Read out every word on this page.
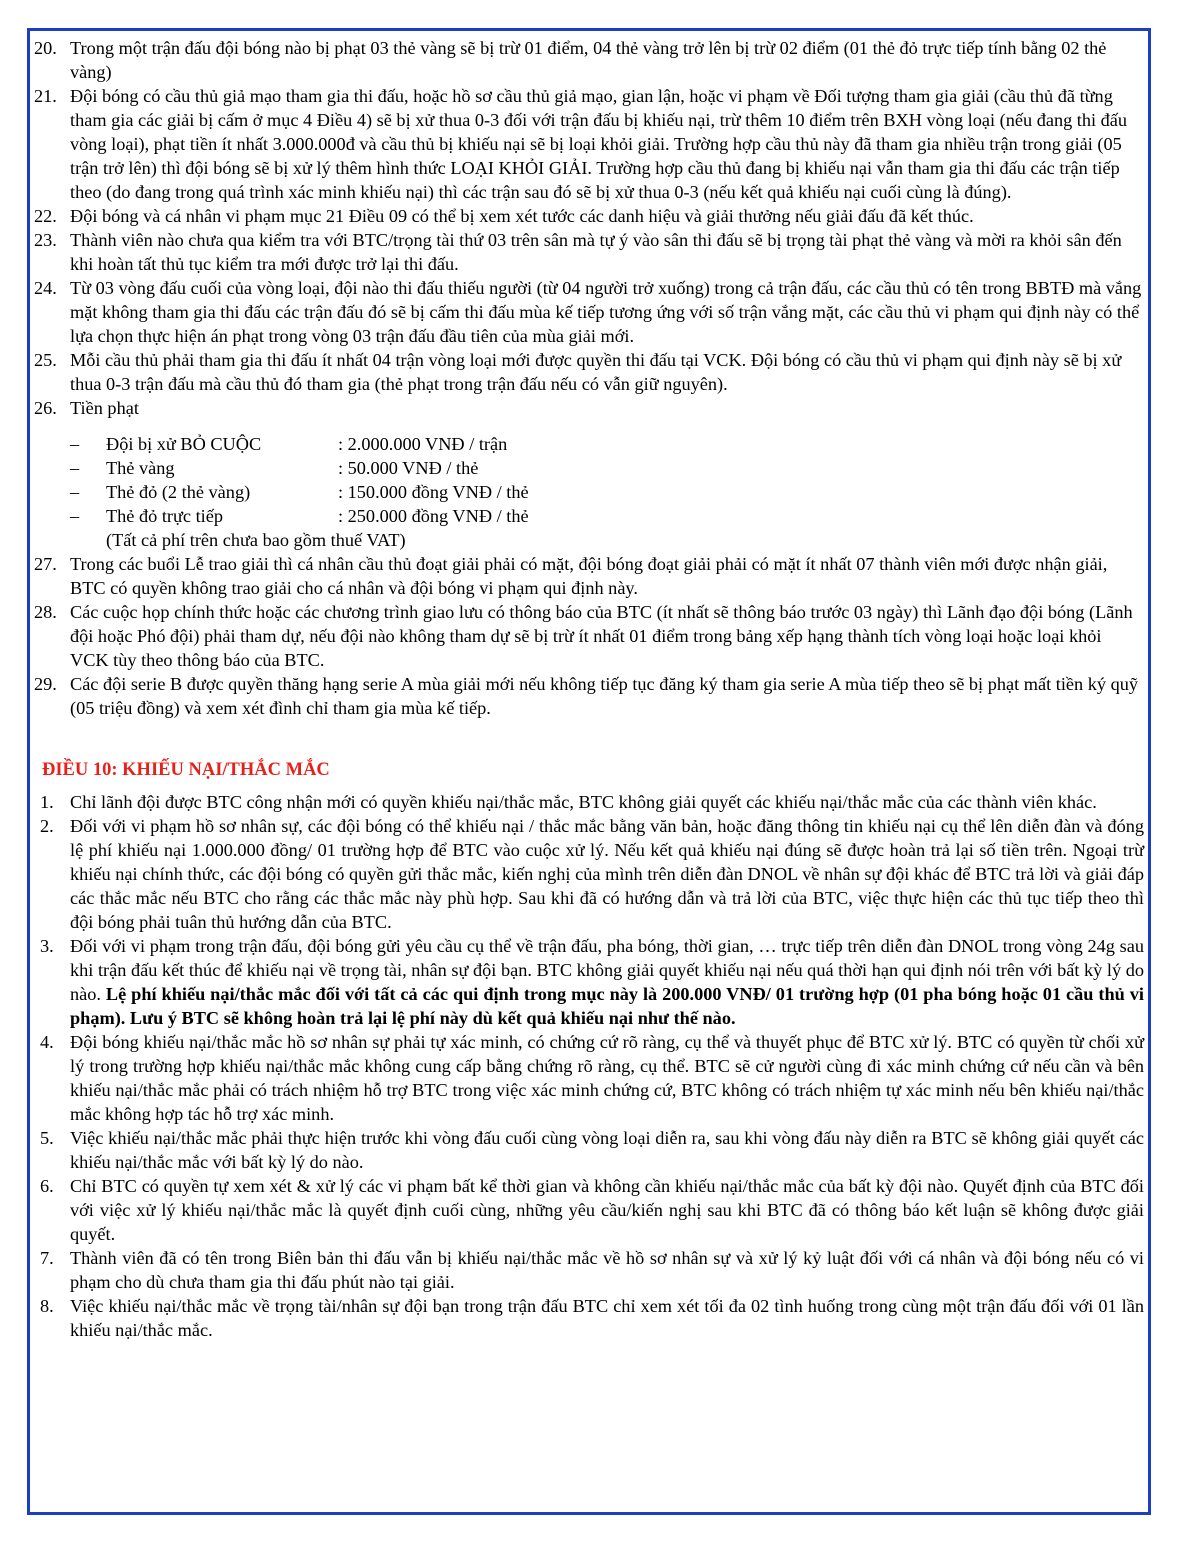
20. Trong một trận đấu đội bóng nào bị phạt 03 thẻ vàng sẽ bị trừ 01 điểm, 04 thẻ vàng trở lên bị trừ 02 điểm (01 thẻ đỏ trực tiếp tính bằng 02 thẻ vàng)
21. Đội bóng có cầu thủ giả mạo tham gia thi đấu, hoặc hồ sơ cầu thủ giả mạo, gian lận, hoặc vi phạm về Đối tượng tham gia giải (cầu thủ đã từng tham gia các giải bị cấm ở mục 4 Điều 4) sẽ bị xử thua 0-3 đối với trận đấu bị khiếu nại, trừ thêm 10 điểm trên BXH vòng loại (nếu đang thi đấu vòng loại), phạt tiền ít nhất 3.000.000đ và cầu thủ bị khiếu nại sẽ bị loại khỏi giải. Trường hợp cầu thủ này đã tham gia nhiều trận trong giải (05 trận trở lên) thì đội bóng sẽ bị xử lý thêm hình thức LOẠI KHỎI GIẢI. Trường hợp cầu thủ đang bị khiếu nại vẫn tham gia thi đấu các trận tiếp theo (do đang trong quá trình xác minh khiếu nại) thì các trận sau đó sẽ bị xử thua 0-3 (nếu kết quả khiếu nại cuối cùng là đúng).
22. Đội bóng và cá nhân vi phạm mục 21 Điều 09 có thể bị xem xét tước các danh hiệu và giải thưởng nếu giải đấu đã kết thúc.
23. Thành viên nào chưa qua kiểm tra với BTC/trọng tài thứ 03 trên sân mà tự ý vào sân thi đấu sẽ bị trọng tài phạt thẻ vàng và mời ra khỏi sân đến khi hoàn tất thủ tục kiểm tra mới được trở lại thi đấu.
24. Từ 03 vòng đấu cuối của vòng loại, đội nào thi đấu thiếu người (từ 04 người trở xuống) trong cả trận đấu, các cầu thủ có tên trong BBTĐ mà vắng mặt không tham gia thi đấu các trận đấu đó sẽ bị cấm thi đấu mùa kế tiếp tương ứng với số trận vắng mặt, các cầu thủ vi phạm qui định này có thể lựa chọn thực hiện án phạt trong vòng 03 trận đấu đầu tiên của mùa giải mới.
25. Mỗi cầu thủ phải tham gia thi đấu ít nhất 04 trận vòng loại mới được quyền thi đấu tại VCK. Đội bóng có cầu thủ vi phạm qui định này sẽ bị xử thua 0-3 trận đấu mà cầu thủ đó tham gia (thẻ phạt trong trận đấu nếu có vẫn giữ nguyên).
26. Tiền phạt
– Đội bị xử BỎ CUỘC	: 2.000.000 VNĐ / trận
– Thẻ vàng	: 50.000 VNĐ / thẻ
– Thẻ đỏ (2 thẻ vàng)	: 150.000 đồng VNĐ / thẻ
– Thẻ đỏ trực tiếp	: 250.000 đồng VNĐ / thẻ
(Tất cả phí trên chưa bao gồm thuế VAT)
27. Trong các buổi Lễ trao giải thì cá nhân cầu thủ đoạt giải phải có mặt, đội bóng đoạt giải phải có mặt ít nhất 07 thành viên mới được nhận giải, BTC có quyền không trao giải cho cá nhân và đội bóng vi phạm qui định này.
28. Các cuộc họp chính thức hoặc các chương trình giao lưu có thông báo của BTC (ít nhất sẽ thông báo trước 03 ngày) thì Lãnh đạo đội bóng (Lãnh đội hoặc Phó đội) phải tham dự, nếu đội nào không tham dự sẽ bị trừ ít nhất 01 điểm trong bảng xếp hạng thành tích vòng loại hoặc loại khỏi VCK tùy theo thông báo của BTC.
29. Các đội serie B được quyền thăng hạng serie A mùa giải mới nếu không tiếp tục đăng ký tham gia serie A mùa tiếp theo sẽ bị phạt mất tiền ký quỹ (05 triệu đồng) và xem xét đình chỉ tham gia mùa kế tiếp.
ĐIỀU 10: KHIẾU NẠI/THẮC MẮC
1. Chỉ lãnh đội được BTC công nhận mới có quyền khiếu nại/thắc mắc, BTC không giải quyết các khiếu nại/thắc mắc của các thành viên khác.
2. Đối với vi phạm hồ sơ nhân sự, các đội bóng có thể khiếu nại / thắc mắc bằng văn bản, hoặc đăng thông tin khiếu nại cụ thể lên diễn đàn và đóng lệ phí khiếu nại 1.000.000 đồng/ 01 trường hợp để BTC vào cuộc xử lý. Nếu kết quả khiếu nại đúng sẽ được hoàn trả lại số tiền trên. Ngoại trừ khiếu nại chính thức, các đội bóng có quyền gửi thắc mắc, kiến nghị của mình trên diễn đàn DNOL về nhân sự đội khác để BTC trả lời và giải đáp các thắc mắc nếu BTC cho rằng các thắc mắc này phù hợp. Sau khi đã có hướng dẫn và trả lời của BTC, việc thực hiện các thủ tục tiếp theo thì đội bóng phải tuân thủ hướng dẫn của BTC.
3. Đối với vi phạm trong trận đấu, đội bóng gửi yêu cầu cụ thể về trận đấu, pha bóng, thời gian, … trực tiếp trên diễn đàn DNOL trong vòng 24g sau khi trận đấu kết thúc để khiếu nại về trọng tài, nhân sự đội bạn. BTC không giải quyết khiếu nại nếu quá thời hạn qui định nói trên với bất kỳ lý do nào. Lệ phí khiếu nại/thắc mắc đối với tất cả các qui định trong mục này là 200.000 VNĐ/ 01 trường hợp (01 pha bóng hoặc 01 cầu thủ vi phạm). Lưu ý BTC sẽ không hoàn trả lại lệ phí này dù kết quả khiếu nại như thế nào.
4. Đội bóng khiếu nại/thắc mắc hồ sơ nhân sự phải tự xác minh, có chứng cứ rõ ràng, cụ thể và thuyết phục để BTC xử lý. BTC có quyền từ chối xử lý trong trường hợp khiếu nại/thắc mắc không cung cấp bằng chứng rõ ràng, cụ thể. BTC sẽ cử người cùng đi xác minh chứng cứ nếu cần và bên khiếu nại/thắc mắc phải có trách nhiệm hỗ trợ BTC trong việc xác minh chứng cứ, BTC không có trách nhiệm tự xác minh nếu bên khiếu nại/thắc mắc không hợp tác hỗ trợ xác minh.
5. Việc khiếu nại/thắc mắc phải thực hiện trước khi vòng đấu cuối cùng vòng loại diễn ra, sau khi vòng đấu này diễn ra BTC sẽ không giải quyết các khiếu nại/thắc mắc với bất kỳ lý do nào.
6. Chỉ BTC có quyền tự xem xét & xử lý các vi phạm bất kể thời gian và không cần khiếu nại/thắc mắc của bất kỳ đội nào. Quyết định của BTC đối với việc xử lý khiếu nại/thắc mắc là quyết định cuối cùng, những yêu cầu/kiến nghị sau khi BTC đã có thông báo kết luận sẽ không được giải quyết.
7. Thành viên đã có tên trong Biên bản thi đấu vẫn bị khiếu nại/thắc mắc về hồ sơ nhân sự và xử lý kỷ luật đối với cá nhân và đội bóng nếu có vi phạm cho dù chưa tham gia thi đấu phút nào tại giải.
8. Việc khiếu nại/thắc mắc về trọng tài/nhân sự đội bạn trong trận đấu BTC chỉ xem xét tối đa 02 tình huống trong cùng một trận đấu đối với 01 lần khiếu nại/thắc mắc.
